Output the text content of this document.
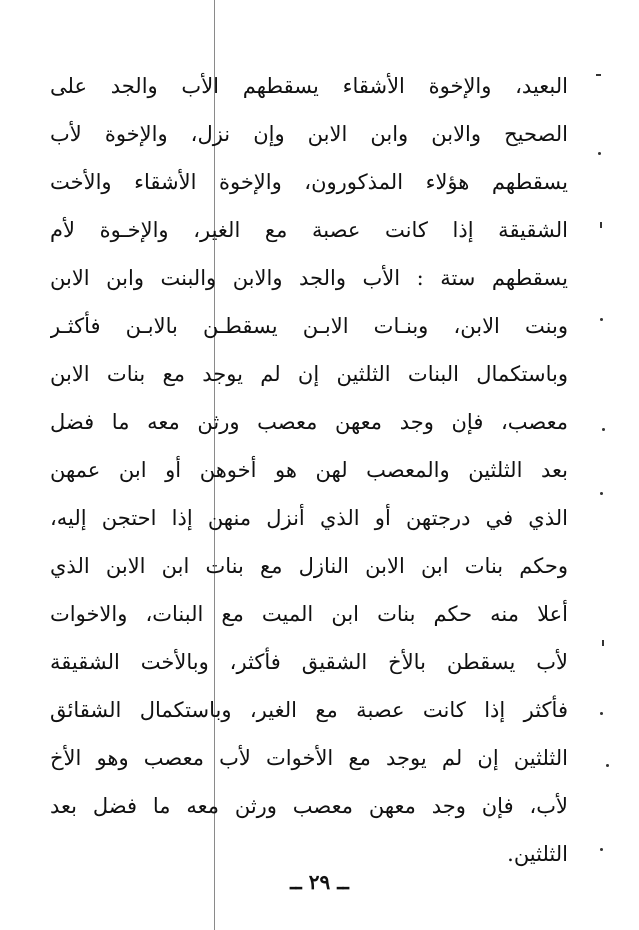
البعيد، والإخوة الأشقاء يسقطهم الأب والجد على
الصحيح والابن وابن الابن وإن نزل، والإخوة لأب
يسقطهم هؤلاء المذكورون، والإخوة الأشقاء والأخت
الشقيقة إذا كانت عصبة مع الغير، والإخـوة لأم
يسقطهم ستة : الأب والجد والابن والبنت وابن الابن
وبنت الابن، وبنـات الابـن يسقطـن بالابـن فأكثـر
وباستكمال البنات الثلثين إن لم يوجد مع بنات الابن
معصب، فإن وجد معهن معصب ورثن معه ما فضل
بعد الثلثين والمعصب لهن هو أخوهن أو ابن عمهن
الذي في درجتهن أو الذي أنزل منهن إذا احتجن إليه،
وحكم بنات ابن الابن النازل مع بنات ابن الابن الذي
أعلا منه حكم بنات ابن الميت مع البنات، والاخوات
لأب يسقطن بالأخ الشقيق فأكثر، وبالأخت الشقيقة
فأكثر إذا كانت عصبة مع الغير، وباستكمال الشقائق
الثلثين إن لم يوجد مع الأخوات لأب معصب وهو الأخ
لأب، فإن وجد معهن معصب ورثن معه ما فضل بعد
الثلثين.
ــ ٢٩ ــ
